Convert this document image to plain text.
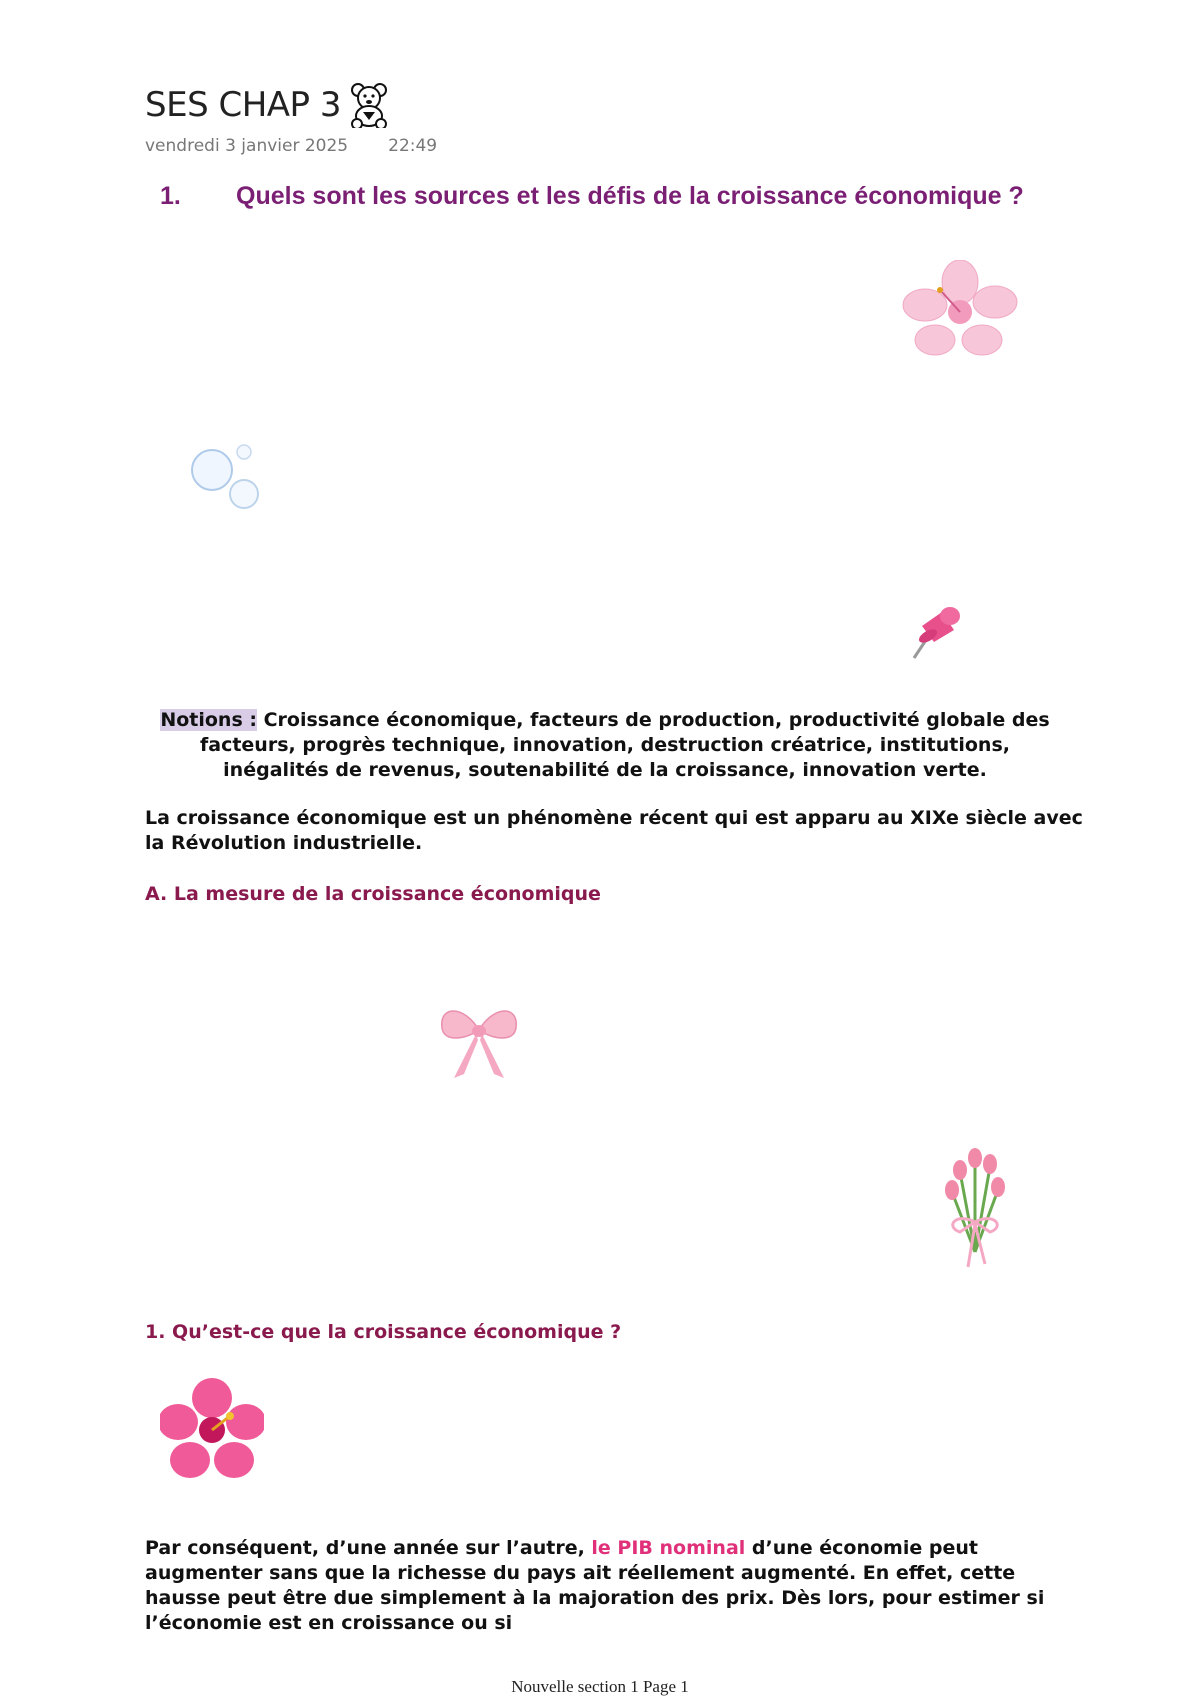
SES CHAP 3
vendredi 3 janvier 2025 22:49
1. Quels sont les sources et les défis de la croissance économique ?
Notions : Croissance économique, facteurs de production, productivité globale des facteurs, progrès technique, innovation, destruction créatrice, institutions, inégalités de revenus, soutenabilité de la croissance, innovation verte.
La croissance économique est un phénomène récent qui est apparu au XIXe siècle avec la Révolution industrielle.
A. La mesure de la croissance économique
1. Qu’est-ce que la croissance économique ?
Par conséquent, d’une année sur l’autre, le PIB nominal d’une économie peut augmenter sans que la richesse du pays ait réellement augmenté. En effet, cette hausse peut être due simplement à la majoration des prix. Dès lors, pour estimer si l’économie est en croissance ou si
Nouvelle section 1 Page 1
